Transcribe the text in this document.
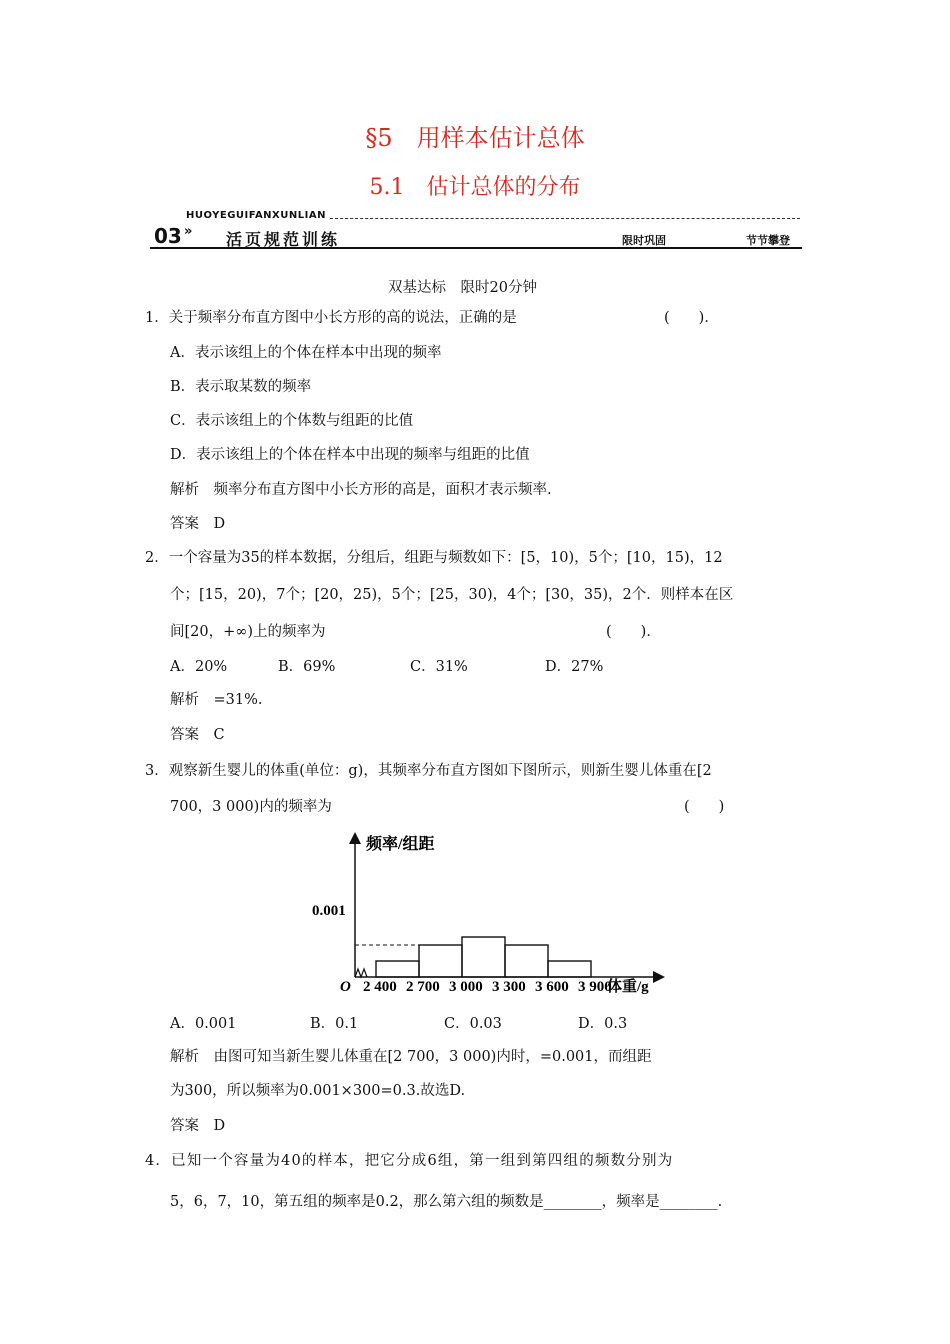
§5　用样本估计总体
5.1　估计总体的分布
HUOYEGUIFANXUNLIAN
03 » 活页规范训练	限时巩固	节节攀登
双基达标　限时20分钟
1．关于频率分布直方图中小长方形的高的说法，正确的是	(　　)．
A．表示该组上的个体在样本中出现的频率
B．表示取某数的频率
C．表示该组上的个体数与组距的比值
D．表示该组上的个体在样本中出现的频率与组距的比值
解析　频率分布直方图中小长方形的高是，面积才表示频率.
答案　D
2．一个容量为35的样本数据，分组后，组距与频数如下：[5，10)，5个；[10，15)，12
个；[15，20)，7个；[20，25)，5个；[25，30)，4个；[30，35)，2个．则样本在区
间[20，+∞)上的频率为	(　　)．
A．20%	B．69%	C．31%	D．27%
解析　=31%.
答案　C
3．观察新生婴儿的体重(单位：g)，其频率分布直方图如下图所示，则新生婴儿体重在[2
700，3 000)内的频率为	(　　)
频率/组距
O
0.001
2 400 2 700 3 000 3 300 3 600 3 900
体重/g
A．0.001	B．0.1	C．0.03	D．0.3
解析　由图可知当新生婴儿体重在[2 700，3 000)内时，=0.001，而组距
为300，所以频率为0.001×300=0.3.故选D.
答案　D
4．已知一个容量为40的样本，把它分成6组，第一组到第四组的频数分别为
5，6，7，10，第五组的频率是0.2，那么第六组的频数是________，频率是________.
